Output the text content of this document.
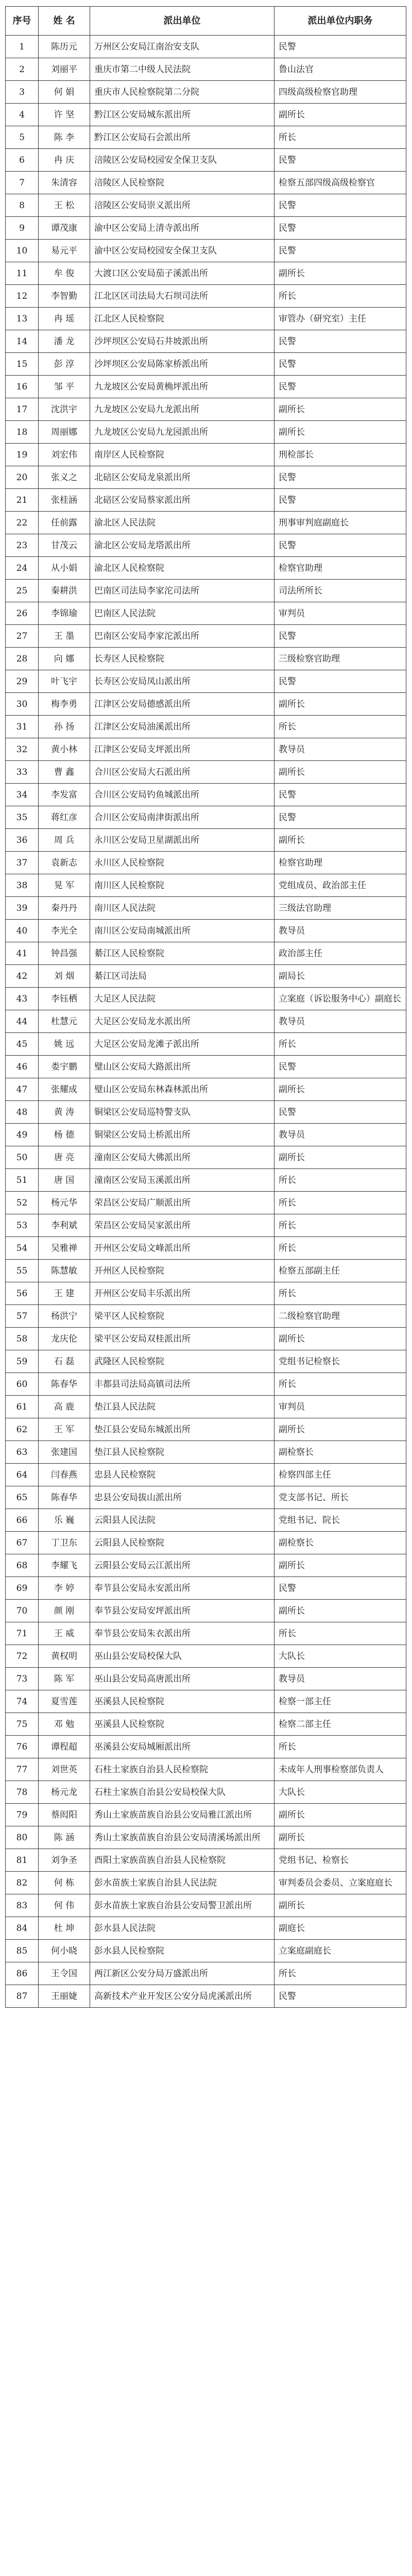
序号	姓 名	派出单位	派出单位内职务
1	陈历元	万州区公安局江南治安支队	民警
2	刘丽平	重庆市第二中级人民法院	鲁山法官
3	何 娟	重庆市人民检察院第二分院	四级高级检察官助理
4	许 坚	黔江区公安局城东派出所	副所长
5	陈 李	黔江区公安局石会派出所	所长
6	冉 庆	涪陵区公安局校园安全保卫支队	民警
7	朱清容	涪陵区人民检察院	检察五部四级高级检察官
8	王 松	涪陵区公安局崇义派出所	民警
9	谭茂康	渝中区公安局上清寺派出所	民警
10	易元平	渝中区公安局校园安全保卫支队	民警
11	牟 俊	大渡口区公安局茄子溪派出所	副所长
12	李智勤	江北区区司法局大石坝司法所	所长
13	冉 瑶	江北区人民检察院	审管办（研究室）主任
14	潘 龙	沙坪坝区公安局石井坡派出所	民警
15	彭 淳	沙坪坝区公安局陈家桥派出所	民警
16	邹 平	九龙坡区公安局黄桷坪派出所	民警
17	沈洪宇	九龙坡区公安局九龙派出所	副所长
18	周丽娜	九龙坡区公安局九龙园派出所	副所长
19	刘宏伟	南岸区人民检察院	刑检部长
20	张义之	北碚区公安局龙泉派出所	民警
21	张桂涵	北碚区公安局蔡家派出所	民警
22	任前露	渝北区人民法院	刑事审判庭副庭长
23	甘茂云	渝北区公安局龙塔派出所	民警
24	从小娟	渝北区人民检察院	检察官助理
25	秦耕洪	巴南区司法局李家沱司法所	司法所所长
26	李锦瑜	巴南区人民法院	审判员
27	王 墨	巴南区公安局李家沱派出所	民警
28	向 娜	长寿区人民检察院	三级检察官助理
29	叶飞宇	长寿区公安局凤山派出所	民警
30	梅李勇	江津区公安局德感派出所	副所长
31	孙 扬	江津区公安局油溪派出所	所长
32	黄小林	江津区公安局支坪派出所	教导员
33	曹 鑫	合川区公安局大石派出所	副所长
34	李发富	合川区公安局钓鱼城派出所	民警
35	蒋红彦	合川区公安局南津街派出所	民警
36	周 兵	永川区公安局卫星湖派出所	副所长
37	袁新志	永川区人民检察院	检察官助理
38	晃 军	南川区人民检察院	党组成员、政治部主任
39	秦丹丹	南川区人民法院	三级法官助理
40	李光全	南川区公安局南城派出所	教导员
41	钟昌强	綦江区人民检察院	政治部主任
42	刘 烟	綦江区司法局	副局长
43	李钰栖	大足区人民法院	立案庭（诉讼服务中心）副庭长
44	杜慧元	大足区公安局龙水派出所	教导员
45	姚 远	大足区公安局龙滩子派出所	所长
46	娄宇鹏	璧山区公安局大路派出所	民警
47	张耀成	璧山区公安局东林森林派出所	副所长
48	黄 涛	铜梁区公安局巡特警支队	民警
49	杨 德	铜梁区公安局土桥派出所	教导员
50	唐 亮	潼南区公安局大佛派出所	副所长
51	唐 国	潼南区公安局玉溪派出所	所长
52	杨元华	荣昌区公安局广顺派出所	所长
53	李利斌	荣昌区公安局吴家派出所	所长
54	吴雅禅	开州区公安局文峰派出所	所长
55	陈慧敏	开州区人民检察院	检察五部副主任
56	王 建	开州区公安局丰乐派出所	所长
57	杨洪宁	梁平区人民检察院	二级检察官助理
58	龙庆伦	梁平区公安局双桂派出所	副所长
59	石 磊	武隆区人民检察院	党组书记检察长
60	陈春华	丰都县司法局高镇司法所	所长
61	高 鹿	垫江县人民法院	审判员
62	王 军	垫江县公安局东城派出所	副所长
63	张建国	垫江县人民检察院	副检察长
64	闫春燕	忠县人民检察院	检察四部主任
65	陈春华	忠县公安局拔山派出所	党支部书记、所长
66	乐 巍	云阳县人民法院	党组书记、院长
67	丁卫东	云阳县人民检察院	副检察长
68	李耀飞	云阳县公安局云江派出所	副所长
69	李 婷	奉节县公安局永安派出所	民警
70	颜 刚	奉节县公安局安坪派出所	副所长
71	王 威	奉节县公安局朱衣派出所	所长
72	黄权明	巫山县公安局校保大队	大队长
73	陈 军	巫山县公安局高唐派出所	教导员
74	夏雪莲	巫溪县人民检察院	检察一部主任
75	邓 勉	巫溪县人民检察院	检察二部主任
76	谭程超	巫溪县公安局城厢派出所	所长
77	刘世英	石柱土家族自治县人民检察院	未成年人刑事检察部负责人
78	杨元龙	石柱土家族自治县公安局校保大队	大队长
79	蔡闳阳	秀山土家族苗族自治县公安局雅江派出所	副所长
80	陈 涵	秀山土家族苗族自治县公安局清溪场派出所	副所长
81	刘争圣	酉阳土家族苗族自治县人民检察院	党组书记、检察长
82	何 栋	彭水苗族土家族自治县人民法院	审判委员会委员、立案庭庭长
83	何 伟	彭水苗族土家族自治县公安局警卫派出所	副所长
84	杜 坤	彭水县人民法院	副庭长
85	何小晓	彭水县人民检察院	立案庭副庭长
86	王令国	两江新区公安分局万盛派出所	所长
87	王丽婕	高新技术产业开发区公安分局虎溪派出所	民警
